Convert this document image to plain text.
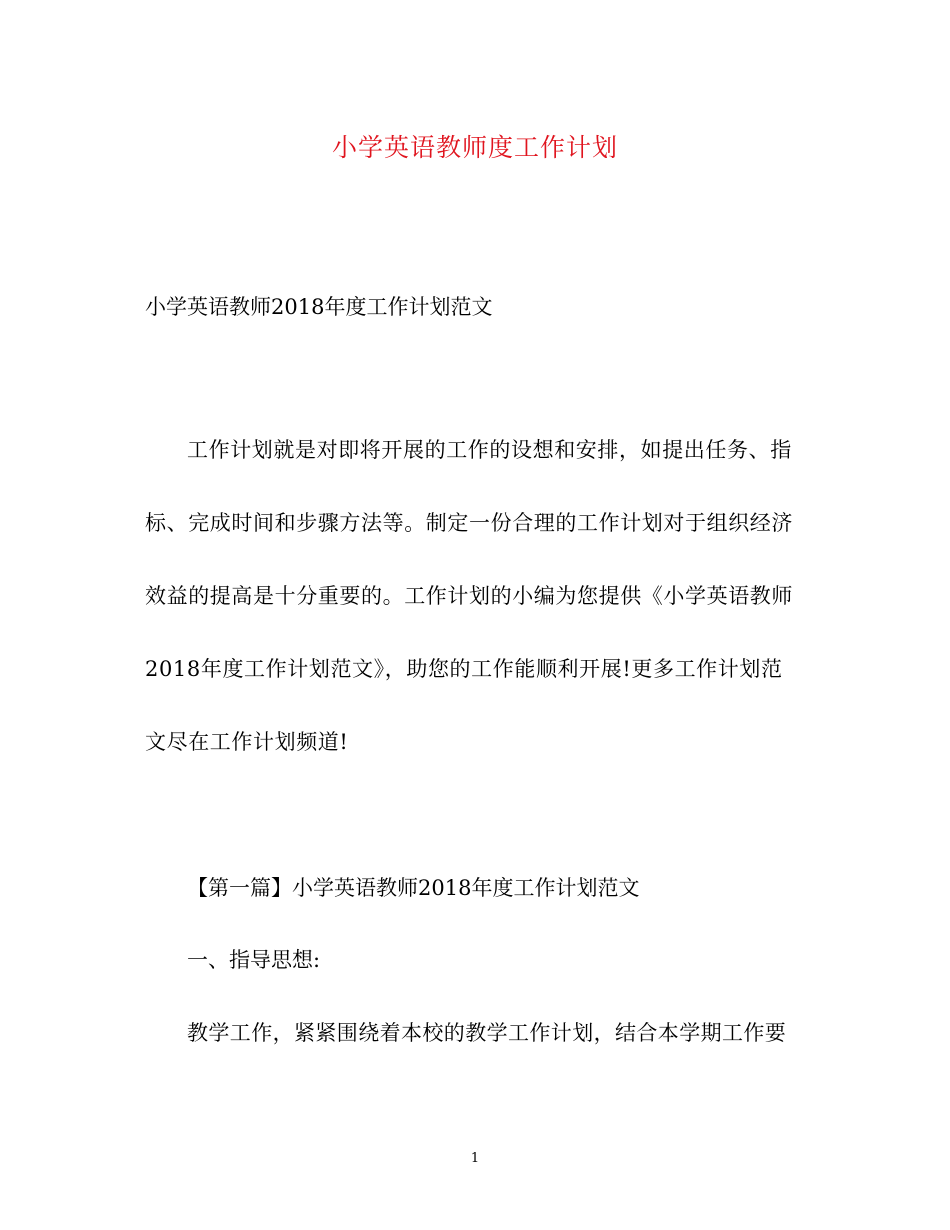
小学英语教师度工作计划
小学英语教师2018年度工作计划范文
工作计划就是对即将开展的工作的设想和安排，如提出任务、指
标、完成时间和步骤方法等。制定一份合理的工作计划对于组织经济
效益的提高是十分重要的。工作计划的小编为您提供《小学英语教师
2018年度工作计划范文》，助您的工作能顺利开展!更多工作计划范
文尽在工作计划频道!
【第一篇】小学英语教师2018年度工作计划范文
一、指导思想:
教学工作，紧紧围绕着本校的教学工作计划，结合本学期工作要
1
